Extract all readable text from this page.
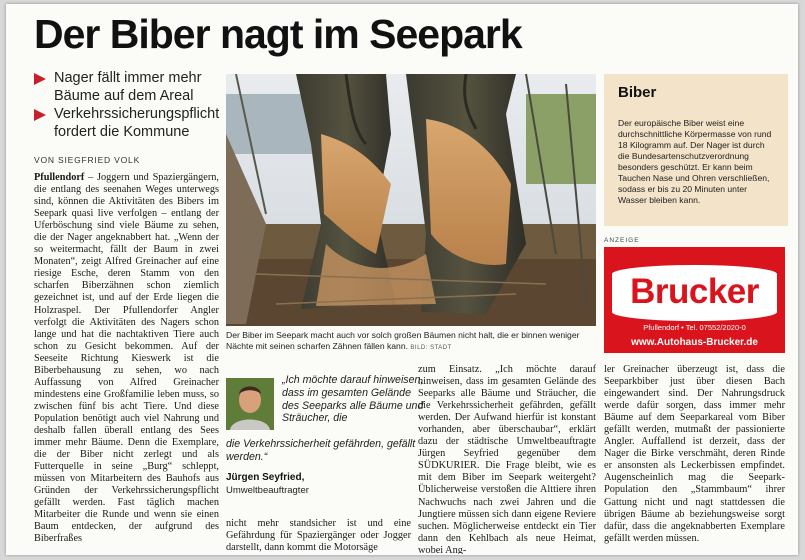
Der Biber nagt im Seepark
Nager fällt immer mehr Bäume auf dem Areal
Verkehrssicherungspflicht fordert die Kommune
VON SIEGFRIED VOLK
Pfullendorf – Joggern und Spaziergängern, die entlang des seenahen Weges unterwegs sind, können die Aktivitäten des Bibers im Seepark quasi live verfolgen – entlang der Uferböschung sind viele Bäume zu sehen, die der Nager angeknabbert hat. „Wenn der so weitermacht, fällt der Baum in zwei Monaten“, zeigt Alfred Greinacher auf eine riesige Esche, deren Stamm von den scharfen Biberzähnen schon ziemlich gezeichnet ist, und auf der Erde liegen die Holzraspel. Der Pfullendorfer Angler verfolgt die Aktivitäten des Nagers schon lange und hat die nachtaktiven Tiere auch schon zu Gesicht bekommen. Auf der Seeseite Richtung Kieswerk ist die Biberbehausung zu sehen, wo nach Auffassung von Alfred Greinacher mindestens eine Großfamilie leben muss, so zwischen fünf bis acht Tiere. Und diese Population benötigt auch viel Nahrung und deshalb fallen überall entlang des Sees immer mehr Bäume. Denn die Exemplare, die der Biber nicht zerlegt und als Futterquelle in seine „Burg“ schleppt, müssen von Mitarbeitern des Bauhofs aus Gründen der Verkehrssicherungspflicht gefällt werden. Fast täglich machen Mitarbeiter die Runde und wenn sie einen Baum entdecken, der aufgrund des Biberfraßes
Der Biber im Seepark macht auch vor solch großen Bäumen nicht halt, die er binnen weniger Nächte mit seinen scharfen Zähnen fällen kann. BILD: STADT
Biber
Der europäische Biber weist eine durchschnittliche Körpermasse von rund 18 Kilogramm auf. Der Nager ist durch die Bundesartenschutzverordnung besonders geschützt. Er kann beim Tauchen Nase und Ohren verschließen, sodass er bis zu 20 Minuten unter Wasser bleiben kann.
ANZEIGE
Brucker
Pfullendorf • Tel. 07552/2020-0
www.Autohaus-Brucker.de
„Ich möchte darauf hinweisen, dass im gesamten Gelände des Seeparks alle Bäume und Sträucher, die
die Verkehrssicherheit gefährden, gefällt werden.“
Jürgen Seyfried,
Umweltbeauftragter
nicht mehr standsicher ist und eine Gefährdung für Spaziergänger oder Jogger darstellt, dann kommt die Motorsäge
zum Einsatz. „Ich möchte darauf hinweisen, dass im gesamten Gelände des Seeparks alle Bäume und Sträucher, die die Verkehrssicherheit gefährden, gefällt werden. Der Aufwand hierfür ist konstant vorhanden, aber überschaubar“, erklärt dazu der städtische Umweltbeauftragte Jürgen Seyfried gegenüber dem SÜDKURIER. Die Frage bleibt, wie es mit dem Biber im Seepark weitergeht? Üblicherweise verstoßen die Alttiere ihren Nachwuchs nach zwei Jahren und die Jungtiere müssen sich dann eigene Reviere suchen. Möglicherweise entdeckt ein Tier dann den Kehlbach als neue Heimat, wobei Ang-
ler Greinacher überzeugt ist, dass die Seeparkbiber just über diesen Bach eingewandert sind. Der Nahrungsdruck werde dafür sorgen, dass immer mehr Bäume auf dem Seeparkareal vom Biber gefällt werden, mutmaßt der passionierte Angler. Auffallend ist derzeit, dass der Nager die Birke verschmäht, deren Rinde er ansonsten als Leckerbissen empfindet. Augenscheinlich mag die Seepark-Population den „Stammbaum“ ihrer Gattung nicht und nagt stattdessen die übrigen Bäume ab beziehungsweise sorgt dafür, dass die angeknabberten Exemplare gefällt werden müssen.
